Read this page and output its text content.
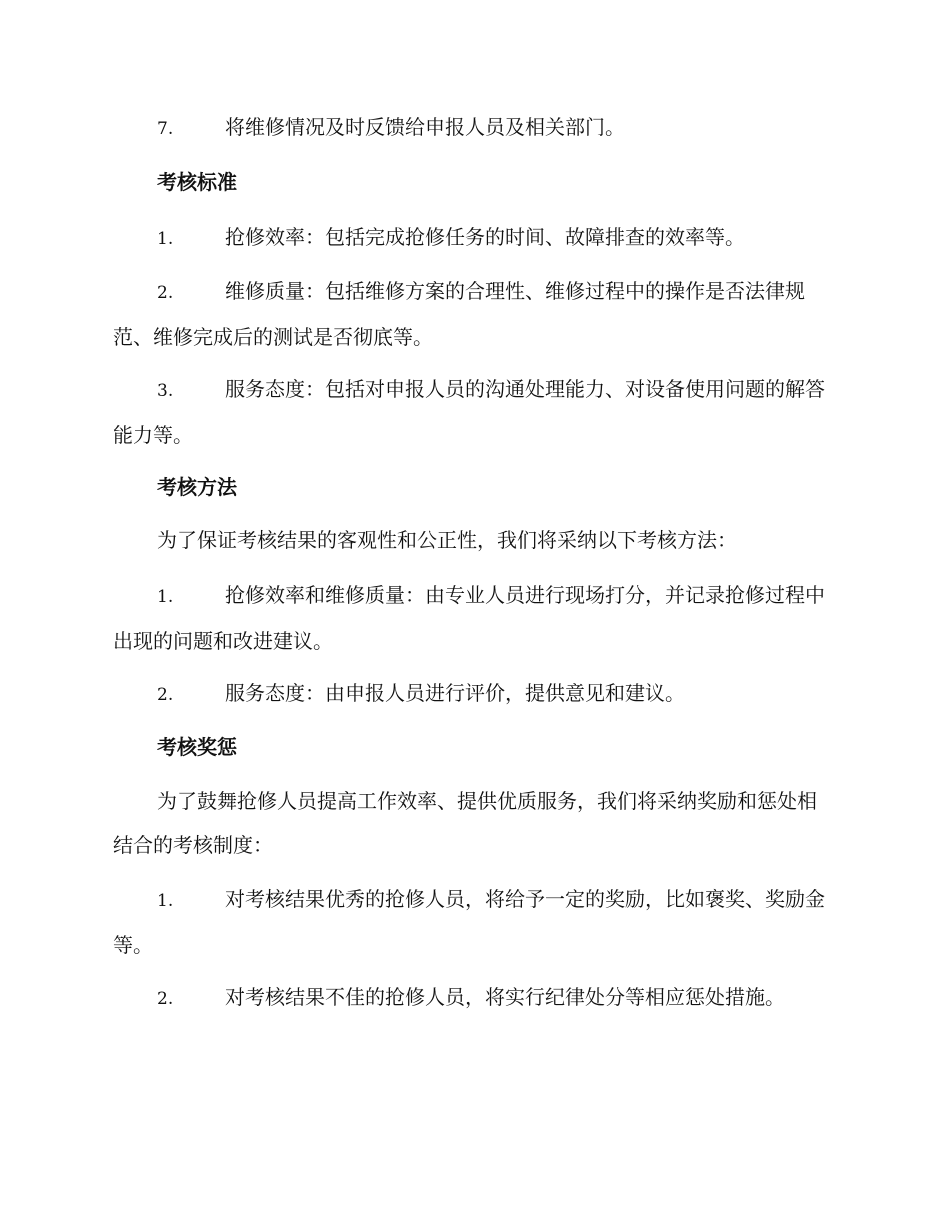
7.	将维修情况及时反馈给申报人员及相关部门。
考核标准
1.	抢修效率：包括完成抢修任务的时间、故障排查的效率等。
2.	维修质量：包括维修方案的合理性、维修过程中的操作是否法律规范、维修完成后的测试是否彻底等。
3.	服务态度：包括对申报人员的沟通处理能力、对设备使用问题的解答能力等。
考核方法
为了保证考核结果的客观性和公正性，我们将采纳以下考核方法：
1.	抢修效率和维修质量：由专业人员进行现场打分，并记录抢修过程中出现的问题和改进建议。
2.	服务态度：由申报人员进行评价，提供意见和建议。
考核奖惩
为了鼓舞抢修人员提高工作效率、提供优质服务，我们将采纳奖励和惩处相结合的考核制度：
1.	对考核结果优秀的抢修人员，将给予一定的奖励，比如褒奖、奖励金等。
2.	对考核结果不佳的抢修人员，将实行纪律处分等相应惩处措施。
